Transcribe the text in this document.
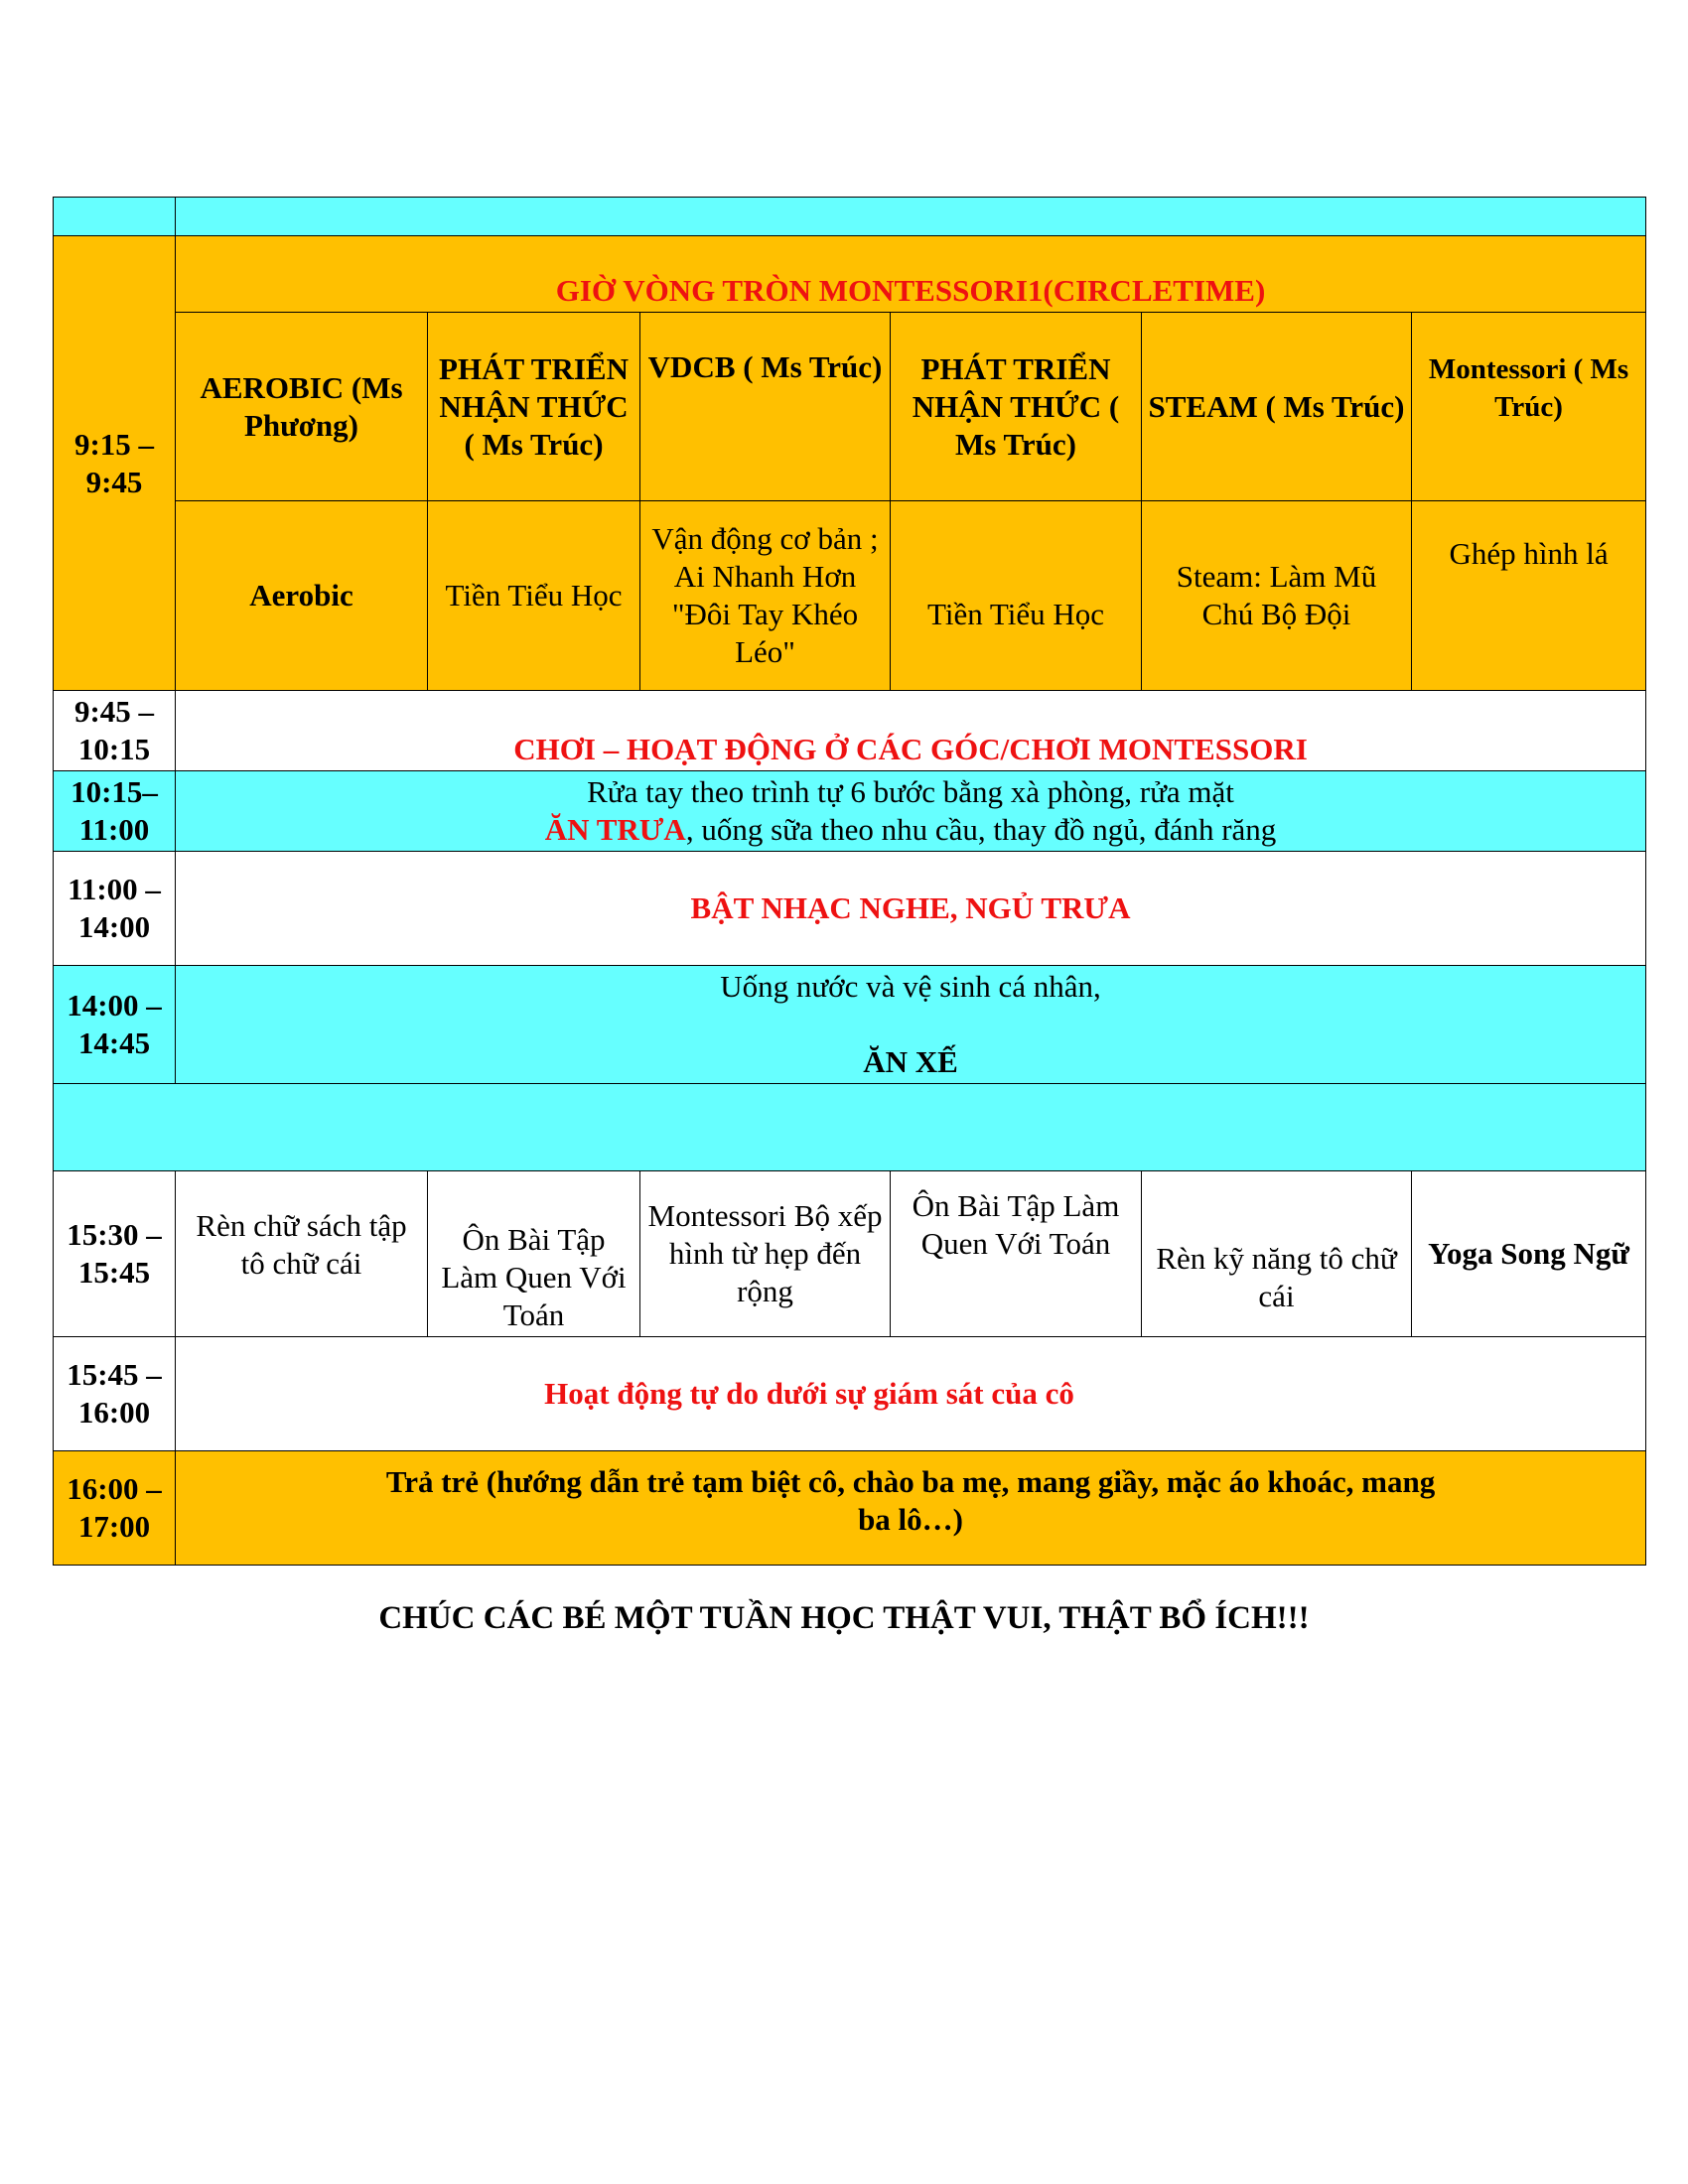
9:15 – 9:45	GIỜ VÒNG TRÒN MONTESSORI1(CIRCLETIME)					
	AEROBIC (Ms Phương)	PHÁT TRIỂN NHẬN THỨC ( Ms Trúc)	VDCB ( Ms Trúc)	PHÁT TRIỂN NHẬN THỨC ( Ms Trúc)	STEAM ( Ms Trúc)	Montessori ( Ms Trúc)
	Aerobic	Tiền Tiểu Học	Vận động cơ bản ; Ai Nhanh Hơn "Đôi Tay Khéo Léo"	Tiền Tiểu Học	Steam: Làm Mũ Chú Bộ Đội	Ghép hình lá
9:45 – 10:15	CHƠI – HOẠT ĐỘNG Ở CÁC GÓC/CHƠI MONTESSORI					
10:15– 11:00	Rửa tay theo trình tự 6 bước bằng xà phòng, rửa mặt
ĂN TRƯA, uống sữa theo nhu cầu, thay đồ ngủ, đánh răng					

11:00 – 14:00	BẬT NHẠC NGHE, NGỦ TRƯA					
14:00 – 14:45	Uống nước và vệ sinh cá nhân,
ĂN XẾ					

15:30 – 15:45	Rèn chữ sách tập tô chữ cái	Ôn Bài Tập Làm Quen Với Toán	Montessori Bộ xếp hình từ hẹp đến rộng	Ôn Bài Tập Làm Quen Với Toán	Rèn kỹ năng tô chữ cái	Yoga Song Ngữ
15:45 – 16:00	Hoạt động tự do dưới sự giám sát của cô					
16:00 – 17:00	Trả trẻ (hướng dẫn trẻ tạm biệt cô, chào ba mẹ, mang giầy, mặc áo khoác, mang ba lô…)					
CHÚC CÁC BÉ MỘT TUẦN HỌC THẬT VUI, THẬT BỔ ÍCH!!!
